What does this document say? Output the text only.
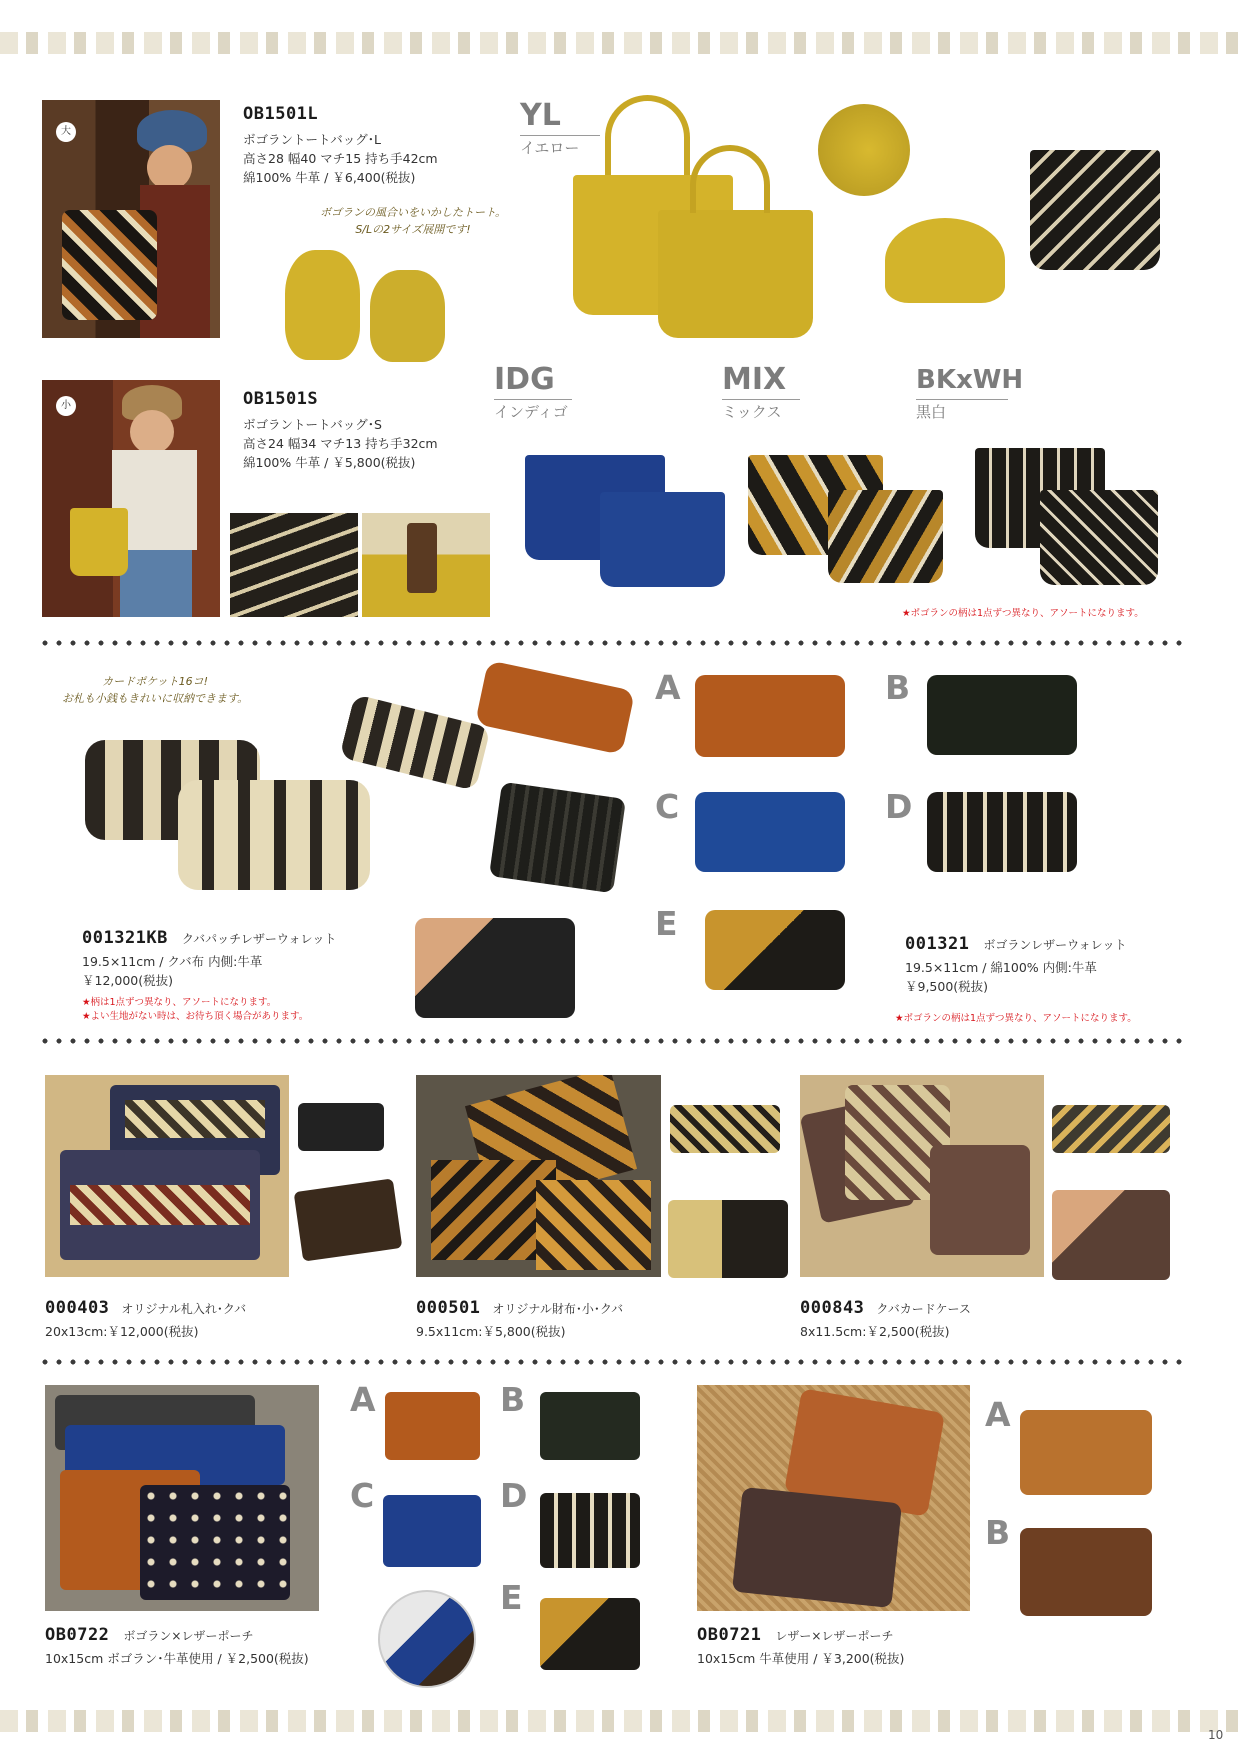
大
OB1501L
ボゴラントートバッグ･L
高さ28 幅40 マチ15 持ち手42cm
綿100% 牛革 / ￥6,400(税抜)
ボゴランの風合いをいかしたトート。
S/Lの2サイズ展開です!
YL
イエロー
小	OB1501S
ボゴラントートバッグ･S
高さ24 幅34 マチ13 持ち手32cm
綿100% 牛革 / ￥5,800(税抜)
IDG
インディゴ
MIX
ミックス
BKxWH
黒白
★ボゴランの柄は1点ずつ異なり、アソートになります。
カードポケット16コ!
お札も小銭もきれいに収納できます。
001321KB クバパッチレザーウォレット
19.5×11cm / クバ布 内側:牛革
￥12,000(税抜)
★柄は1点ずつ異なり、アソートになります。
★よい生地がない時は、お待ち頂く場合があります。
A	B
C	D
E
001321 ボゴランレザーウォレット
19.5×11cm / 綿100% 内側:牛革
￥9,500(税抜)
★ボゴランの柄は1点ずつ異なり、アソートになります。
000403 オリジナル札入れ･クバ
20x13cm:￥12,000(税抜)
000501 オリジナル財布･小･クバ
9.5x11cm:￥5,800(税抜)
000843 クバカードケース
8x11.5cm:￥2,500(税抜)
A	B
C	D
E
A
B
OB0722 ボゴラン×レザーポーチ
10x15cm ボゴラン･牛革使用 / ￥2,500(税抜)
OB0721 レザー×レザーポーチ
10x15cm 牛革使用 / ￥3,200(税抜)
10
